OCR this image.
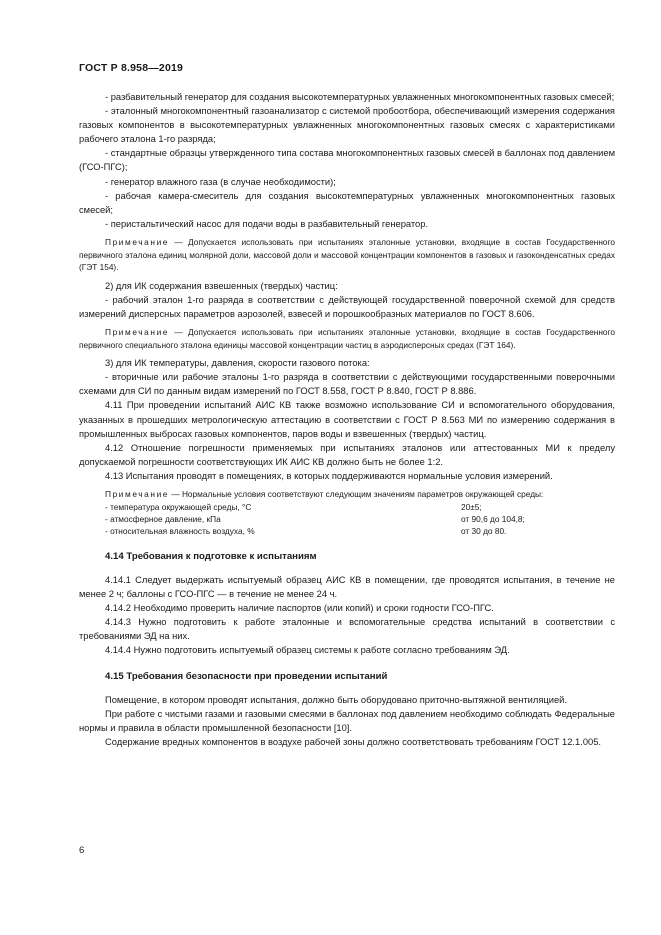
ГОСТ Р 8.958—2019

- разбавительный генератор для создания высокотемпературных увлажненных многокомпонентных газовых смесей;

- эталонный многокомпонентный газоанализатор с системой пробоотбора, обеспечивающий измерения содержания газовых компонентов в высокотемпературных увлажненных многокомпонентных газовых смесях с характеристиками рабочего эталона 1-го разряда;

- стандартные образцы утвержденного типа состава многокомпонентных газовых смесей в баллонах под давлением (ГСО-ПГС);

- генератор влажного газа (в случае необходимости);

- рабочая камера-смеситель для создания высокотемпературных увлажненных многокомпонентных газовых смесей;

- перистальтический насос для подачи воды в разбавительный генератор.

Примечание — Допускается использовать при испытаниях эталонные установки, входящие в состав Государственного первичного эталона единиц молярной доли, массовой доли и массовой концентрации компонентов в газовых и газоконденсатных средах (ГЭТ 154).

2) для ИК содержания взвешенных (твердых) частиц:

- рабочий эталон 1-го разряда в соответствии с действующей государственной поверочной схемой для средств измерений дисперсных параметров аэрозолей, взвесей и порошкообразных материалов по ГОСТ 8.606.

Примечание — Допускается использовать при испытаниях эталонные установки, входящие в состав Государственного первичного специального эталона единицы массовой концентрации частиц в аэродисперсных средах (ГЭТ 164).

3) для ИК температуры, давления, скорости газового потока:

- вторичные или рабочие эталоны 1-го разряда в соответствии с действующими государственными поверочными схемами для СИ по данным видам измерений по ГОСТ 8.558, ГОСТ Р 8.840, ГОСТ Р 8.886.

4.11 При проведении испытаний АИС КВ также возможно использование СИ и вспомогательного оборудования, указанных в прошедших метрологическую аттестацию в соответствии с ГОСТ Р 8.563 МИ по измерению содержания в промышленных выбросах газовых компонентов, паров воды и взвешенных (твердых) частиц.

4.12 Отношение погрешности применяемых при испытаниях эталонов или аттестованных МИ к пределу допускаемой погрешности соответствующих ИК АИС КВ должно быть не более 1:2.

4.13 Испытания проводят в помещениях, в которых поддерживаются нормальные условия измерений.

Примечание — Нормальные условия соответствуют следующим значениям параметров окружающей среды:

- температура окружающей среды, °С	20±5;
- атмосферное давление, кПа	от 90,6 до 104,8;
- относительная влажность воздуха, %	от 30 до 80.

4.14 Требования к подготовке к испытаниям

4.14.1 Следует выдержать испытуемый образец АИС КВ в помещении, где проводятся испытания, в течение не менее 2 ч; баллоны с ГСО-ПГС — в течение не менее 24 ч.

4.14.2 Необходимо проверить наличие паспортов (или копий) и сроки годности ГСО-ПГС.

4.14.3 Нужно подготовить к работе эталонные и вспомогательные средства испытаний в соответствии с требованиями ЭД на них.

4.14.4 Нужно подготовить испытуемый образец системы к работе согласно требованиям ЭД.

4.15 Требования безопасности при проведении испытаний

Помещение, в котором проводят испытания, должно быть оборудовано приточно-вытяжной вентиляцией.

При работе с чистыми газами и газовыми смесями в баллонах под давлением необходимо соблюдать Федеральные нормы и правила в области промышленной безопасности [10].

Содержание вредных компонентов в воздухе рабочей зоны должно соответствовать требованиям ГОСТ 12.1.005.

6
